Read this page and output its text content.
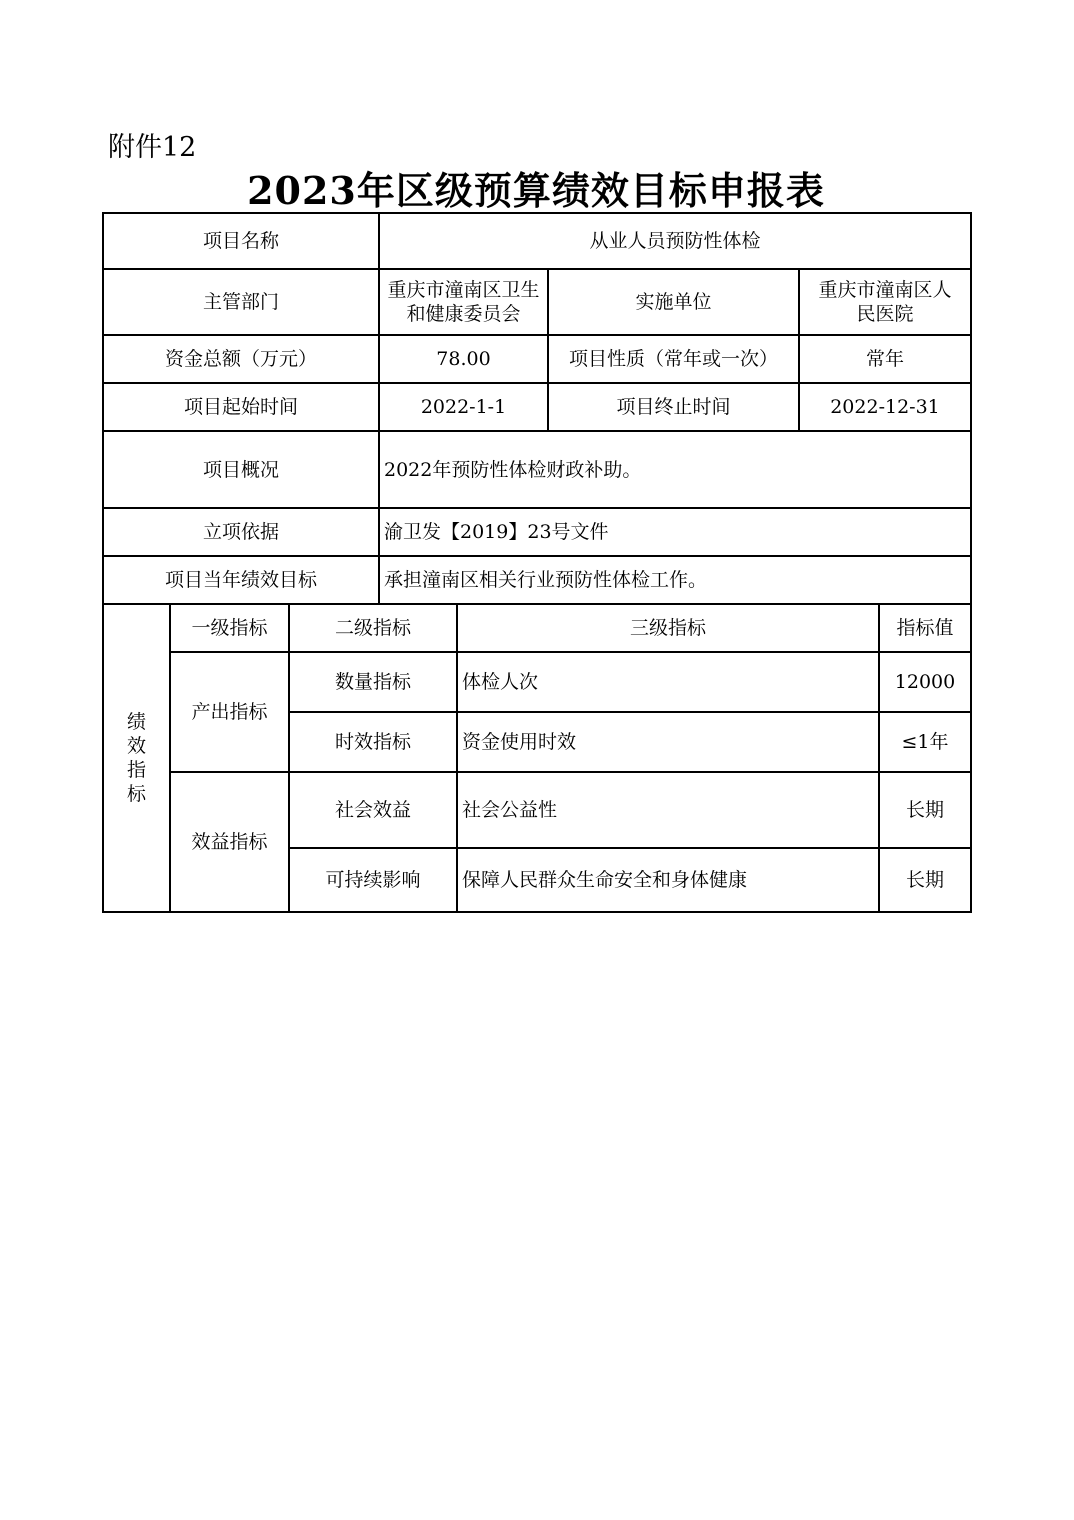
附件12
2023年区级预算绩效目标申报表
项目名称			从业人员预防性体检				
主管部门			重庆市潼南区卫生和健康委员会		实施单位	重庆市潼南区人民医院	
资金总额（万元）			78.00		项目性质（常年或一次）	常年	
项目起始时间			2022-1-1		项目终止时间	2022-12-31	
项目概况			2022年预防性体检财政补助。				
立项依据			渝卫发【2019】23号文件				
项目当年绩效目标			承担潼南区相关行业预防性体检工作。				

绩
效
指
标	一级指标	二级指标		三级指标			指标值
	产出指标	数量指标		体检人次			12000
		时效指标		资金使用时效			≤1年
	效益指标	社会效益		社会公益性			长期
		可持续影响		保障人民群众生命安全和身体健康			长期
